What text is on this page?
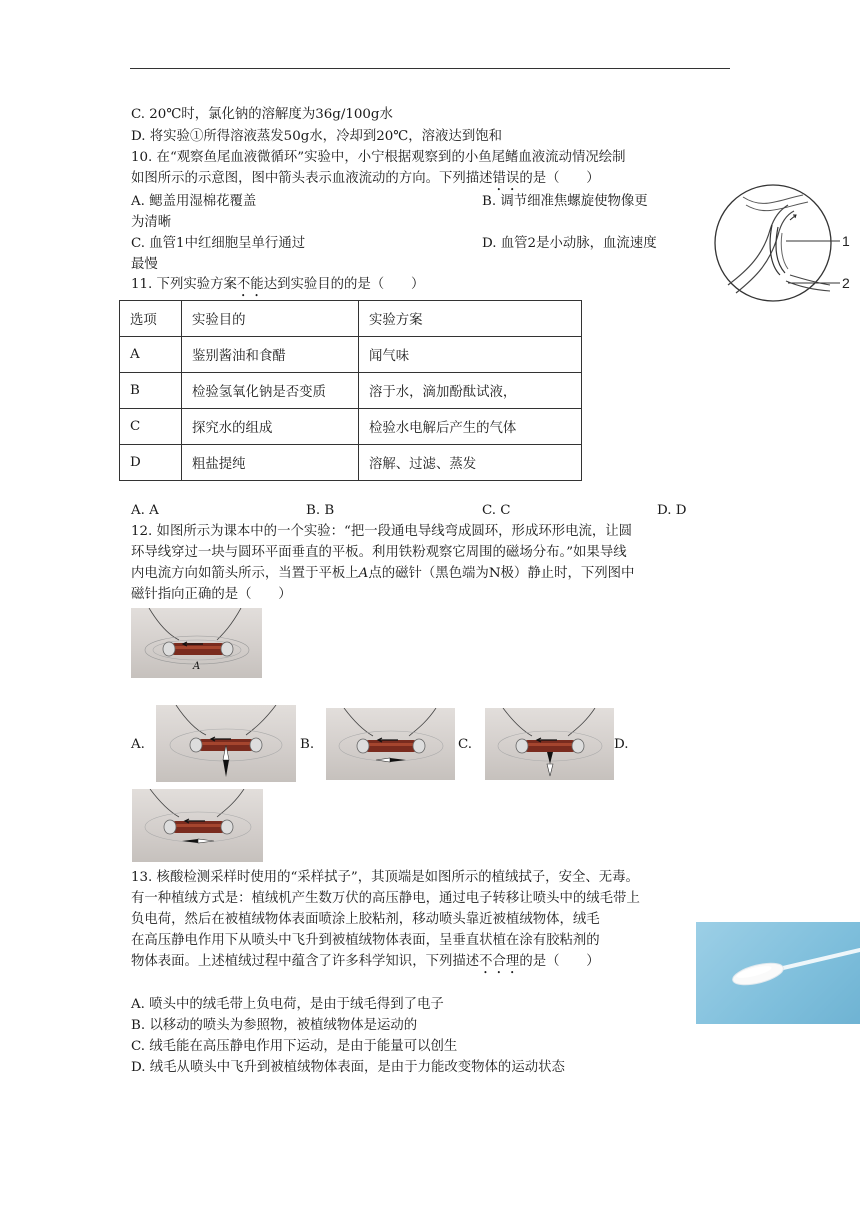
C. 20℃时，氯化钠的溶解度为36g/100g水
D. 将实验①所得溶液蒸发50g水，冷却到20℃，溶液达到饱和
10. 在“观察鱼尾血液微循环”实验中，小宁根据观察到的小鱼尾鳍血液流动情况绘制
如图所示的示意图，图中箭头表示血液流动的方向。下列描述错误的是（　　）
A. 鳃盖用湿棉花覆盖	B. 调节细准焦螺旋使物像更
为清晰
C. 血管1中红细胞呈单行通过	D. 血管2是小动脉，血流速度
最慢
1
2
11. 下列实验方案不能达到实验目的的是（　　）
选项	实验目的	实验方案
A	鉴别酱油和食醋	闻气味
B	检验氢氧化钠是否变质	溶于水，滴加酚酞试液，
C	探究水的组成	检验水电解后产生的气体
D	粗盐提纯	溶解、过滤、蒸发
A. A	B. B	C. C	D. D
12. 如图所示为课本中的一个实验：“把一段通电导线弯成圆环，形成环形电流，让圆
环导线穿过一块与圆环平面垂直的平板。利用铁粉观察它周围的磁场分布。”如果导线
内电流方向如箭头所示，当置于平板上A点的磁针（黑色端为N极）静止时，下列图中
磁针指向正确的是（　　）
A
A.	B.	C.	D.
13. 核酸检测采样时使用的“采样拭子”，其顶端是如图所示的植绒拭子，安全、无毒。
有一种植绒方式是：植绒机产生数万伏的高压静电，通过电子转移让喷头中的绒毛带上
负电荷，然后在被植绒物体表面喷涂上胶粘剂，移动喷头靠近被植绒物体，绒毛
在高压静电作用下从喷头中飞升到被植绒物体表面，呈垂直状植在涂有胶粘剂的
物体表面。上述植绒过程中蕴含了许多科学知识，下列描述不合理的是（　　）
A. 喷头中的绒毛带上负电荷，是由于绒毛得到了电子
B. 以移动的喷头为参照物，被植绒物体是运动的
C. 绒毛能在高压静电作用下运动，是由于能量可以创生
D. 绒毛从喷头中飞升到被植绒物体表面，是由于力能改变物体的运动状态
